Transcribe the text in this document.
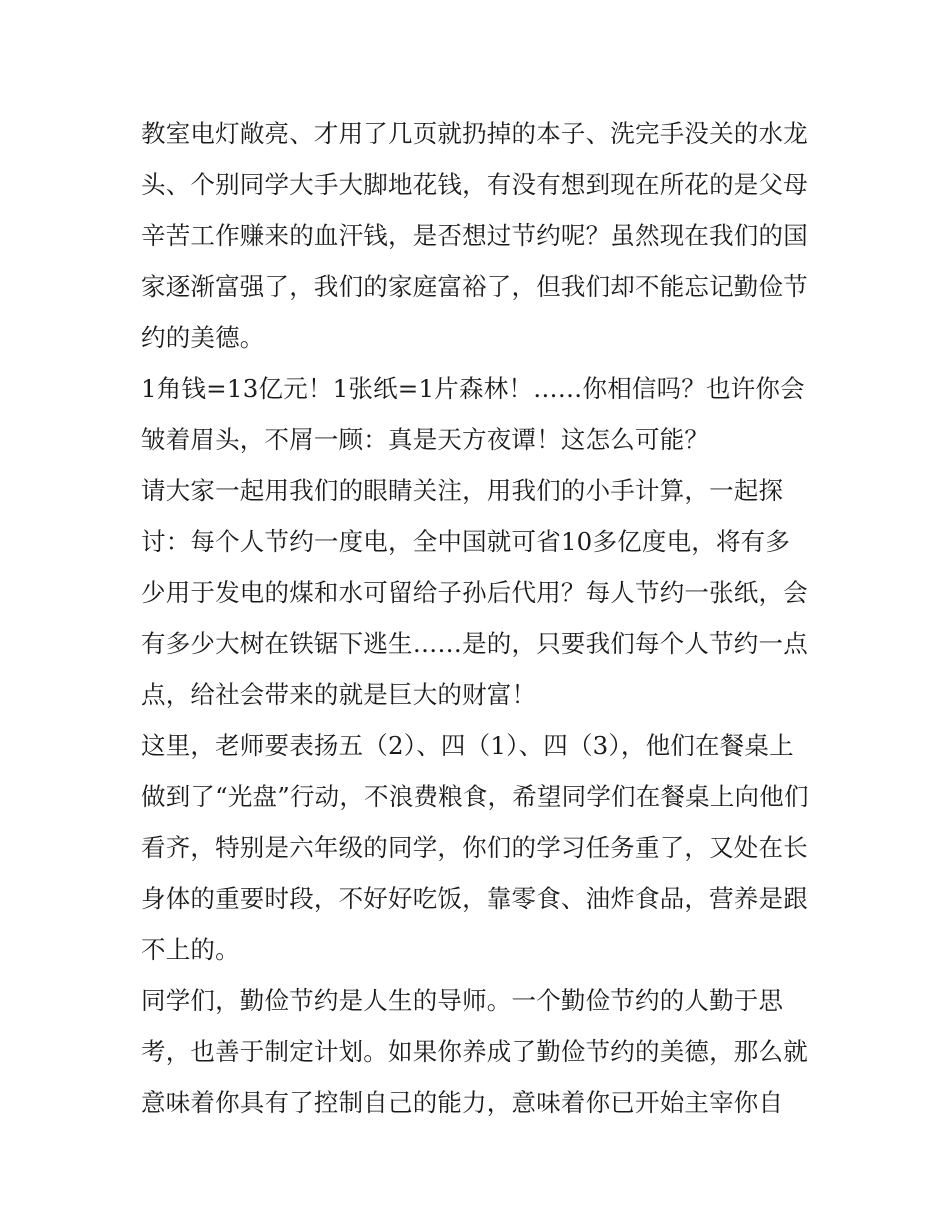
教室电灯敞亮、才用了几页就扔掉的本子、洗完手没关的水龙头、个别同学大手大脚地花钱，有没有想到现在所花的是父母辛苦工作赚来的血汗钱，是否想过节约呢？虽然现在我们的国家逐渐富强了，我们的家庭富裕了，但我们却不能忘记勤俭节约的美德。

1角钱=13亿元！1张纸=1片森林！……你相信吗？也许你会皱着眉头，不屑一顾：真是天方夜谭！这怎么可能？

请大家一起用我们的眼睛关注，用我们的小手计算，一起探讨：每个人节约一度电，全中国就可省10多亿度电，将有多少用于发电的煤和水可留给子孙后代用？每人节约一张纸，会有多少大树在铁锯下逃生……是的，只要我们每个人节约一点点，给社会带来的就是巨大的财富！

这里，老师要表扬五（2）、四（1）、四（3），他们在餐桌上做到了“光盘”行动，不浪费粮食，希望同学们在餐桌上向他们看齐，特别是六年级的同学，你们的学习任务重了，又处在长身体的重要时段，不好好吃饭，靠零食、油炸食品，营养是跟不上的。

同学们，勤俭节约是人生的导师。一个勤俭节约的人勤于思考，也善于制定计划。如果你养成了勤俭节约的美德，那么就意味着你具有了控制自己的能力，意味着你已开始主宰你自
